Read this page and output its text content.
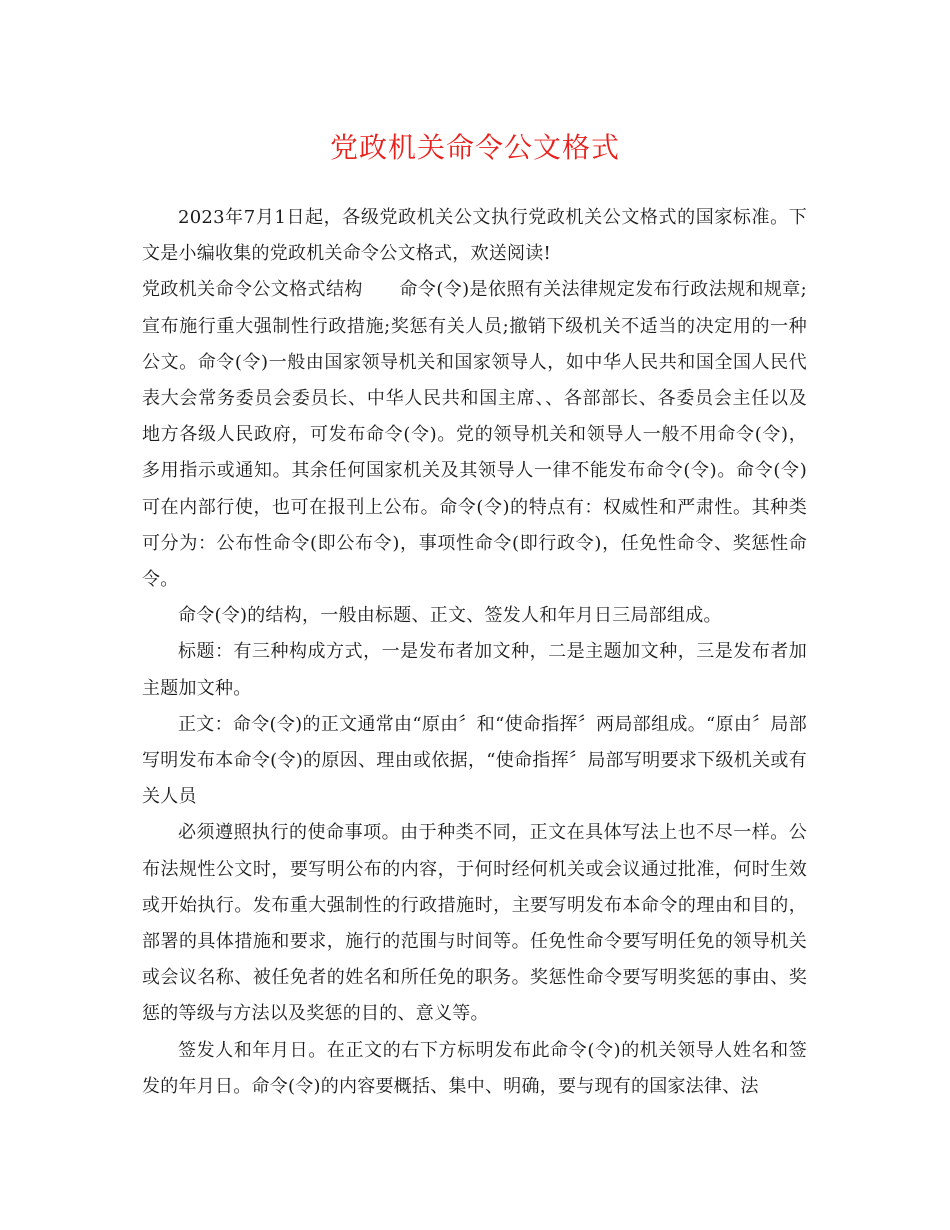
党政机关命令公文格式

2023年7月1日起，各级党政机关公文执行党政机关公文格式的国家标准。下文是小编收集的党政机关命令公文格式，欢送阅读!

党政机关命令公文格式结构　　命令(令)是依照有关法律规定发布行政法规和规章;宣布施行重大强制性行政措施;奖惩有关人员;撤销下级机关不适当的决定用的一种公文。命令(令)一般由国家领导机关和国家领导人，如中华人民共和国全国人民代表大会常务委员会委员长、中华人民共和国主席、、各部部长、各委员会主任以及地方各级人民政府，可发布命令(令)。党的领导机关和领导人一般不用命令(令)，多用指示或通知。其余任何国家机关及其领导人一律不能发布命令(令)。命令(令)可在内部行使，也可在报刊上公布。命令(令)的特点有：权威性和严肃性。其种类可分为：公布性命令(即公布令)，事项性命令(即行政令)，任免性命令、奖惩性命令。

命令(令)的结构，一般由标题、正文、签发人和年月日三局部组成。

标题：有三种构成方式，一是发布者加文种，二是主题加文种，三是发布者加主题加文种。

正文：命令(令)的正文通常由“原由〞和“使命指挥〞两局部组成。“原由〞局部写明发布本命令(令)的原因、理由或依据，“使命指挥〞局部写明要求下级机关或有关人员

必须遵照执行的使命事项。由于种类不同，正文在具体写法上也不尽一样。公布法规性公文时，要写明公布的内容，于何时经何机关或会议通过批准，何时生效或开始执行。发布重大强制性的行政措施时，主要写明发布本命令的理由和目的，部署的具体措施和要求，施行的范围与时间等。任免性命令要写明任免的领导机关或会议名称、被任免者的姓名和所任免的职务。奖惩性命令要写明奖惩的事由、奖惩的等级与方法以及奖惩的目的、意义等。

签发人和年月日。在正文的右下方标明发布此命令(令)的机关领导人姓名和签发的年月日。命令(令)的内容要概括、集中、明确，要与现有的国家法律、法
